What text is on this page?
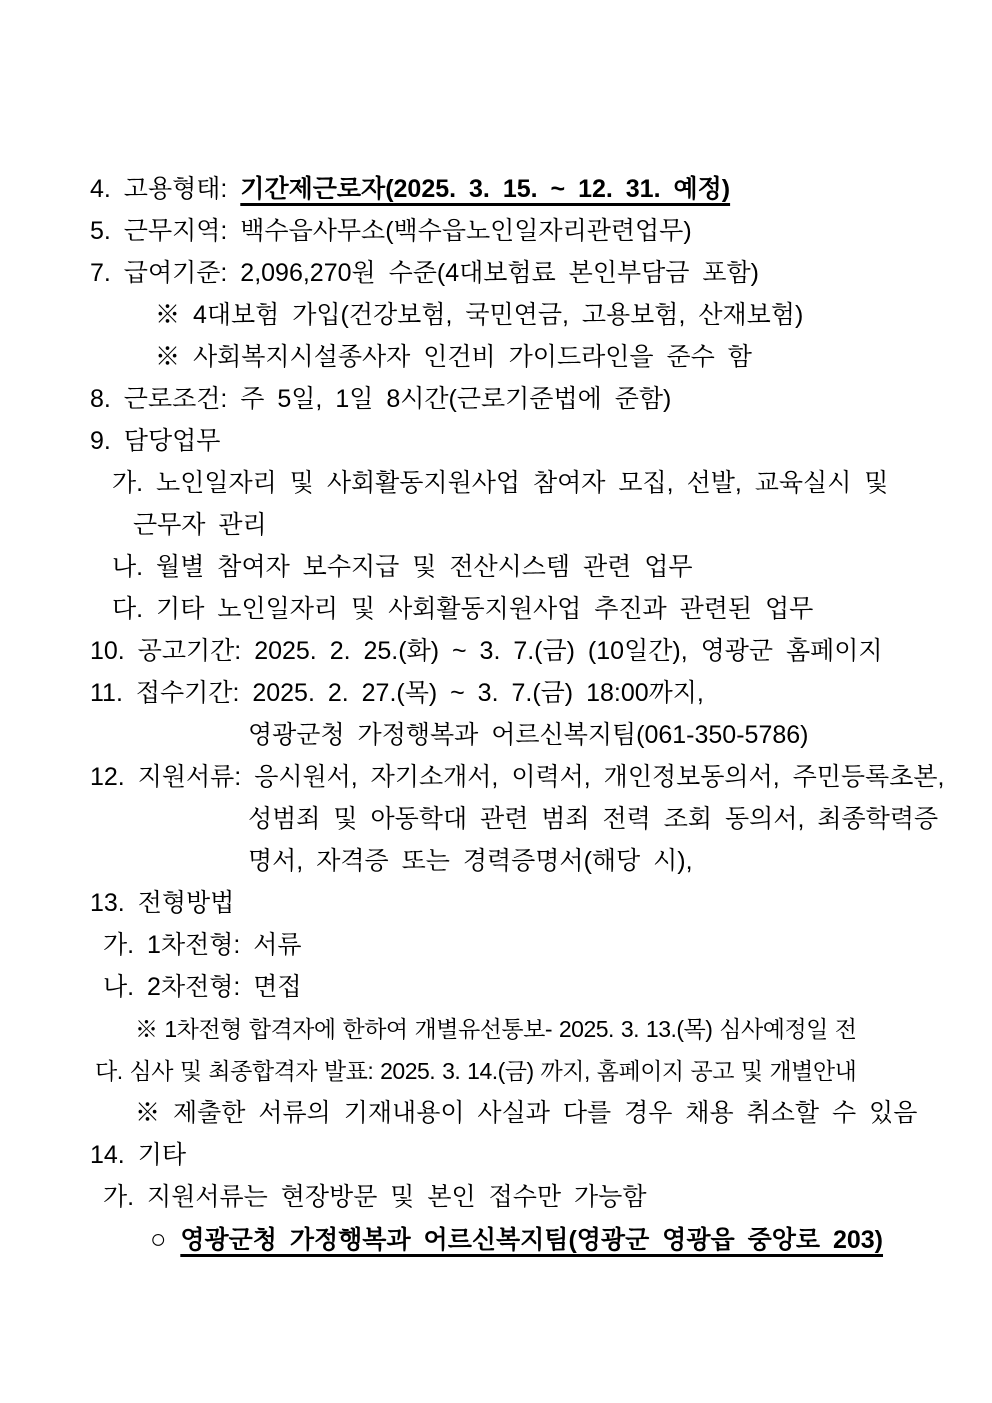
4. 고용형태: 기간제근로자(2025. 3. 15. ~ 12. 31. 예정)
5. 근무지역: 백수읍사무소(백수읍노인일자리관련업무)
7. 급여기준: 2,096,270원 수준(4대보험료 본인부담금 포함)
※ 4대보험 가입(건강보험, 국민연금, 고용보험, 산재보험)
※ 사회복지시설종사자 인건비 가이드라인을 준수 함
8. 근로조건: 주 5일, 1일 8시간(근로기준법에 준함)
9. 담당업무
가. 노인일자리 및 사회활동지원사업 참여자 모집, 선발, 교육실시 및
근무자 관리
나. 월별 참여자 보수지급 및 전산시스템 관련 업무
다. 기타 노인일자리 및 사회활동지원사업 추진과 관련된 업무
10. 공고기간: 2025. 2. 25.(화) ~ 3. 7.(금) (10일간), 영광군 홈페이지
11. 접수기간: 2025. 2. 27.(목) ~ 3. 7.(금) 18:00까지,
영광군청 가정행복과 어르신복지팀(061-350-5786)
12. 지원서류: 응시원서, 자기소개서, 이력서, 개인정보동의서, 주민등록초본,
성범죄 및 아동학대 관련 범죄 전력 조회 동의서, 최종학력증
명서, 자격증 또는 경력증명서(해당 시),
13. 전형방법
가. 1차전형: 서류
나. 2차전형: 면접
※ 1차전형 합격자에 한하여 개별유선통보- 2025. 3. 13.(목) 심사예정일 전
다. 심사 및 최종합격자 발표: 2025. 3. 14.(금) 까지, 홈페이지 공고 및 개별안내
※ 제출한 서류의 기재내용이 사실과 다를 경우 채용 취소할 수 있음
14. 기타
가. 지원서류는 현장방문 및 본인 접수만 가능함
○ 영광군청 가정행복과 어르신복지팀(영광군 영광읍 중앙로 203)
